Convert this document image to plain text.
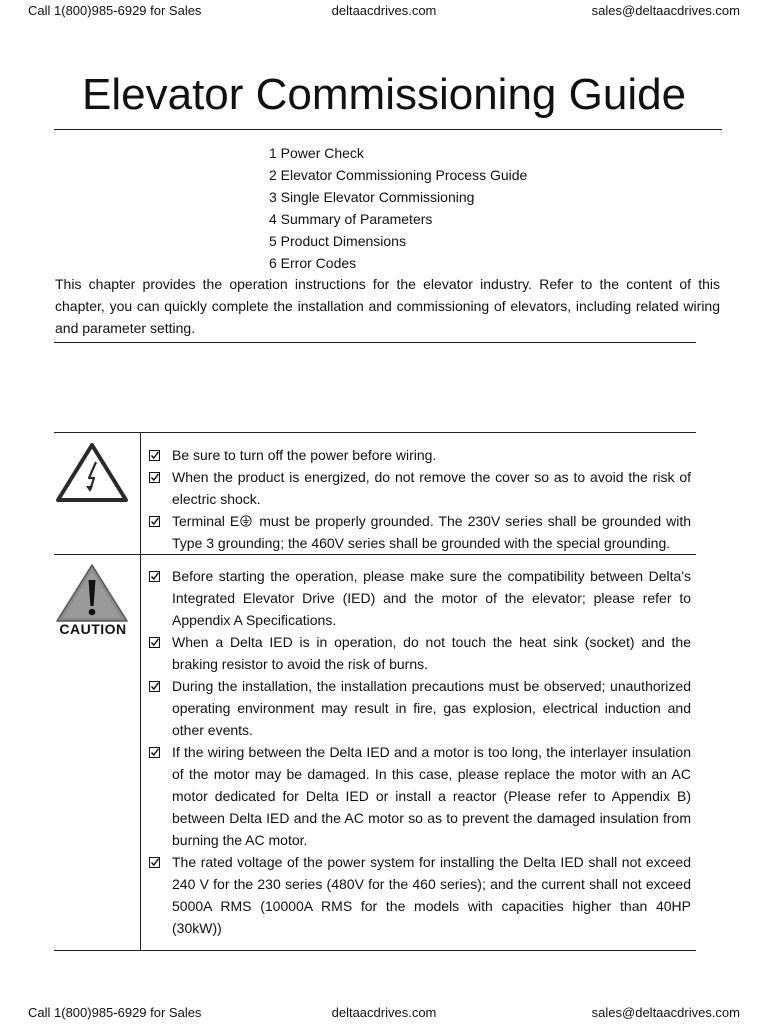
Call 1(800)985-6929 for Sales	deltaacdrives.com	sales@deltaacdrives.com
Elevator Commissioning Guide
1 Power Check
2 Elevator Commissioning Process Guide
3 Single Elevator Commissioning
4 Summary of Parameters
5 Product Dimensions
6 Error Codes

This chapter provides the operation instructions for the elevator industry. Refer to the content of this chapter, you can quickly complete the installation and commissioning of elevators, including related wiring and parameter setting.

CAUTION
Be sure to turn off the power before wiring.
When the product is energized, do not remove the cover so as to avoid the risk of electric shock.
Terminal E must be properly grounded. The 230V series shall be grounded with Type 3 grounding; the 460V series shall be grounded with the special grounding.
Before starting the operation, please make sure the compatibility between Delta's Integrated Elevator Drive (IED) and the motor of the elevator; please refer to Appendix A Specifications.
When a Delta IED is in operation, do not touch the heat sink (socket) and the braking resistor to avoid the risk of burns.
During the installation, the installation precautions must be observed; unauthorized operating environment may result in fire, gas explosion, electrical induction and other events.
If the wiring between the Delta IED and a motor is too long, the interlayer insulation of the motor may be damaged. In this case, please replace the motor with an AC motor dedicated for Delta IED or install a reactor (Please refer to Appendix B) between Delta IED and the AC motor so as to prevent the damaged insulation from burning the AC motor.
The rated voltage of the power system for installing the Delta IED shall not exceed 240 V for the 230 series (480V for the 460 series); and the current shall not exceed 5000A RMS (10000A RMS for the models with capacities higher than 40HP (30kW))
Call 1(800)985-6929 for Sales	deltaacdrives.com	sales@deltaacdrives.com
